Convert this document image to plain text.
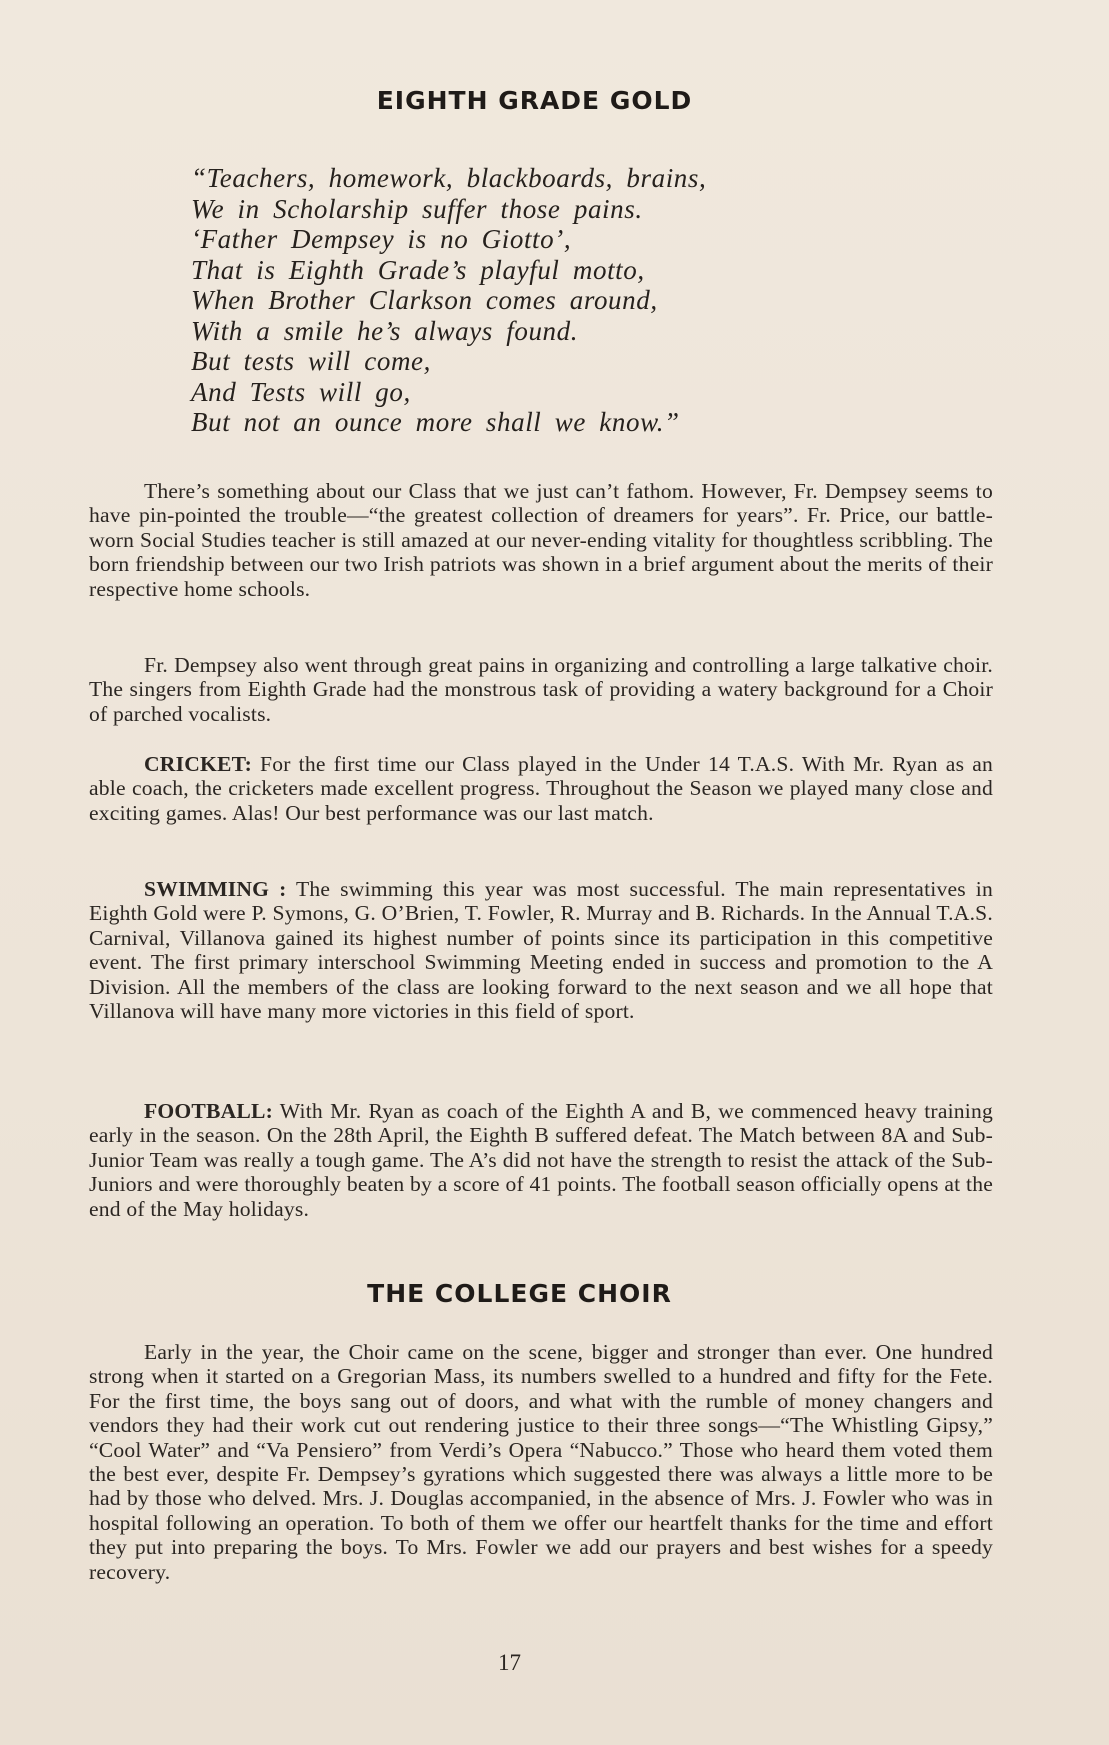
EIGHTH GRADE GOLD
“Teachers, homework, blackboards, brains,
We in Scholarship suffer those pains.
‘Father Dempsey is no Giotto’,
That is Eighth Grade’s playful motto,
When Brother Clarkson comes around,
With a smile he’s always found.
But tests will come,
And Tests will go,
But not an ounce more shall we know.”
There’s something about our Class that we just can’t fathom. However, Fr. Dempsey seems to have pin-pointed the trouble—“the greatest collection of dreamers for years”. Fr. Price, our battle-worn Social Studies teacher is still amazed at our never-ending vitality for thoughtless scribbling. The born friendship between our two Irish patriots was shown in a brief argument about the merits of their respective home schools.
Fr. Dempsey also went through great pains in organizing and controlling a large talkative choir. The singers from Eighth Grade had the monstrous task of providing a watery background for a Choir of parched vocalists.
CRICKET: For the first time our Class played in the Under 14 T.A.S. With Mr. Ryan as an able coach, the cricketers made excellent progress. Throughout the Season we played many close and exciting games. Alas! Our best performance was our last match.
SWIMMING : The swimming this year was most successful. The main representatives in Eighth Gold were P. Symons, G. O’Brien, T. Fowler, R. Murray and B. Richards. In the Annual T.A.S. Carnival, Villanova gained its highest number of points since its participation in this competitive event. The first primary interschool Swimming Meeting ended in success and promotion to the A Division. All the members of the class are looking forward to the next season and we all hope that Villanova will have many more victories in this field of sport.
FOOTBALL: With Mr. Ryan as coach of the Eighth A and B, we commenced heavy training early in the season. On the 28th April, the Eighth B suffered defeat. The Match between 8A and Sub-Junior Team was really a tough game. The A’s did not have the strength to resist the attack of the Sub-Juniors and were thoroughly beaten by a score of 41 points. The football season officially opens at the end of the May holidays.
THE COLLEGE CHOIR
Early in the year, the Choir came on the scene, bigger and stronger than ever. One hundred strong when it started on a Gregorian Mass, its numbers swelled to a hundred and fifty for the Fete. For the first time, the boys sang out of doors, and what with the rumble of money changers and vendors they had their work cut out rendering justice to their three songs—“The Whistling Gipsy,” “Cool Water” and “Va Pensiero” from Verdi’s Opera “Nabucco.” Those who heard them voted them the best ever, despite Fr. Dempsey’s gyrations which suggested there was always a little more to be had by those who delved. Mrs. J. Douglas accompanied, in the absence of Mrs. J. Fowler who was in hospital following an operation. To both of them we offer our heartfelt thanks for the time and effort they put into preparing the boys. To Mrs. Fowler we add our prayers and best wishes for a speedy recovery.
17
